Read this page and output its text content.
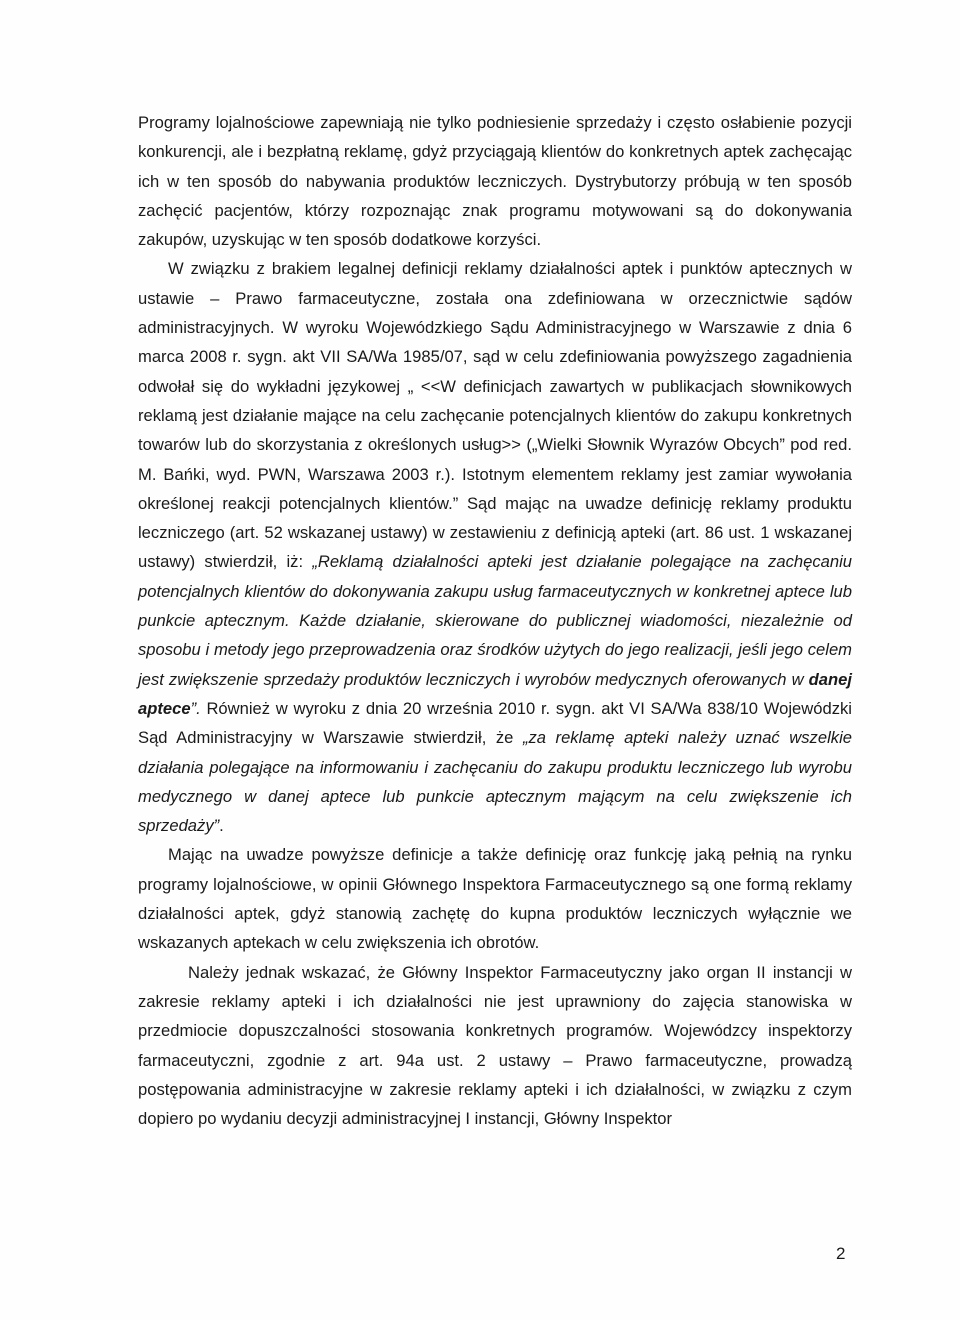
Programy lojalnościowe zapewniają nie tylko podniesienie sprzedaży i często osłabienie pozycji konkurencji, ale i bezpłatną reklamę, gdyż przyciągają klientów do konkretnych aptek zachęcając ich w ten sposób do nabywania produktów leczniczych. Dystrybutorzy próbują w ten sposób zachęcić pacjentów, którzy rozpoznając znak programu motywowani są do dokonywania zakupów, uzyskując w ten sposób dodatkowe korzyści.

W związku z brakiem legalnej definicji reklamy działalności aptek i punktów aptecznych w ustawie – Prawo farmaceutyczne, została ona zdefiniowana w orzecznictwie sądów administracyjnych. W wyroku Wojewódzkiego Sądu Administracyjnego w Warszawie z dnia 6 marca 2008 r. sygn. akt VII SA/Wa 1985/07, sąd w celu zdefiniowania powyższego zagadnienia odwołał się do wykładni językowej „ <<W definicjach zawartych w publikacjach słownikowych reklamą jest działanie mające na celu zachęcanie potencjalnych klientów do zakupu konkretnych towarów lub do skorzystania z określonych usług>> („Wielki Słownik Wyrazów Obcych” pod red. M. Bańki, wyd. PWN, Warszawa 2003 r.). Istotnym elementem reklamy jest zamiar wywołania określonej reakcji potencjalnych klientów.” Sąd mając na uwadze definicję reklamy produktu leczniczego (art. 52 wskazanej ustawy) w zestawieniu z definicją apteki (art. 86 ust. 1 wskazanej ustawy) stwierdził, iż: „Reklamą działalności apteki jest działanie polegające na zachęcaniu potencjalnych klientów do dokonywania zakupu usług farmaceutycznych w konkretnej aptece lub punkcie aptecznym. Każde działanie, skierowane do publicznej wiadomości, niezależnie od sposobu i metody jego przeprowadzenia oraz środków użytych do jego realizacji, jeśli jego celem jest zwiększenie sprzedaży produktów leczniczych i wyrobów medycznych oferowanych w danej aptece”. Również w wyroku z dnia 20 września 2010 r. sygn. akt VI SA/Wa 838/10 Wojewódzki Sąd Administracyjny w Warszawie stwierdził, że „za reklamę apteki należy uznać wszelkie działania polegające na informowaniu i zachęcaniu do zakupu produktu leczniczego lub wyrobu medycznego w danej aptece lub punkcie aptecznym mającym na celu zwiększenie ich sprzedaży”.

Mając na uwadze powyższe definicje a także definicję oraz funkcję jaką pełnią na rynku programy lojalnościowe, w opinii Głównego Inspektora Farmaceutycznego są one formą reklamy działalności aptek, gdyż stanowią zachętę do kupna produktów leczniczych wyłącznie we wskazanych aptekach w celu zwiększenia ich obrotów.

Należy jednak wskazać, że Główny Inspektor Farmaceutyczny jako organ II instancji w zakresie reklamy apteki i ich działalności nie jest uprawniony do zajęcia stanowiska w przedmiocie dopuszczalności stosowania konkretnych programów. Wojewódzcy inspektorzy farmaceutyczni, zgodnie z art. 94a ust. 2 ustawy – Prawo farmaceutyczne, prowadzą postępowania administracyjne w zakresie reklamy apteki i ich działalności, w związku z czym dopiero po wydaniu decyzji administracyjnej I instancji, Główny Inspektor

2
